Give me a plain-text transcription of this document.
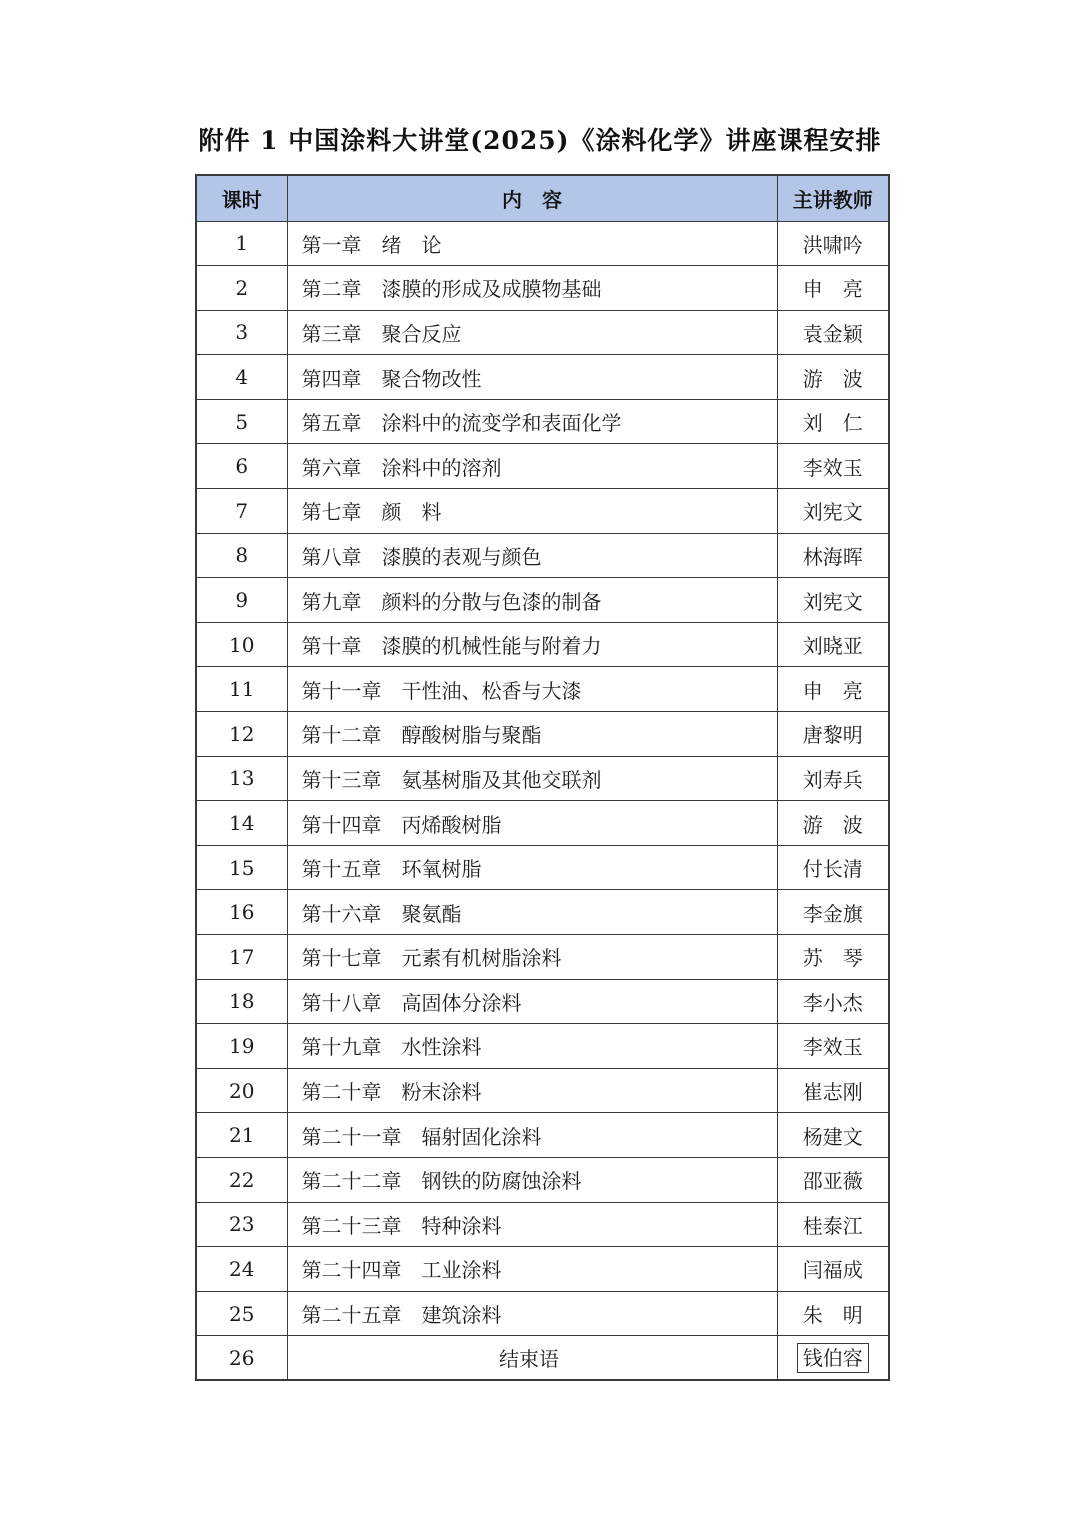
附件 1 中国涂料大讲堂(2025)《涂料化学》讲座课程安排
课时	内　容	主讲教师
1	第一章　绪　论	洪啸吟
2	第二章　漆膜的形成及成膜物基础	申　亮
3	第三章　聚合反应	袁金颖
4	第四章　聚合物改性	游　波
5	第五章　涂料中的流变学和表面化学	刘　仁
6	第六章　涂料中的溶剂	李效玉
7	第七章　颜　料	刘宪文
8	第八章　漆膜的表观与颜色	林海晖
9	第九章　颜料的分散与色漆的制备	刘宪文
10	第十章　漆膜的机械性能与附着力	刘晓亚
11	第十一章　干性油、松香与大漆	申　亮
12	第十二章　醇酸树脂与聚酯	唐黎明
13	第十三章　氨基树脂及其他交联剂	刘寿兵
14	第十四章　丙烯酸树脂	游　波
15	第十五章　环氧树脂	付长清
16	第十六章　聚氨酯	李金旗
17	第十七章　元素有机树脂涂料	苏　琴
18	第十八章　高固体分涂料	李小杰
19	第十九章　水性涂料	李效玉
20	第二十章　粉末涂料	崔志刚
21	第二十一章　辐射固化涂料	杨建文
22	第二十二章　钢铁的防腐蚀涂料	邵亚薇
23	第二十三章　特种涂料	桂泰江
24	第二十四章　工业涂料	闫福成
25	第二十五章　建筑涂料	朱　明
26	结束语	钱伯容
